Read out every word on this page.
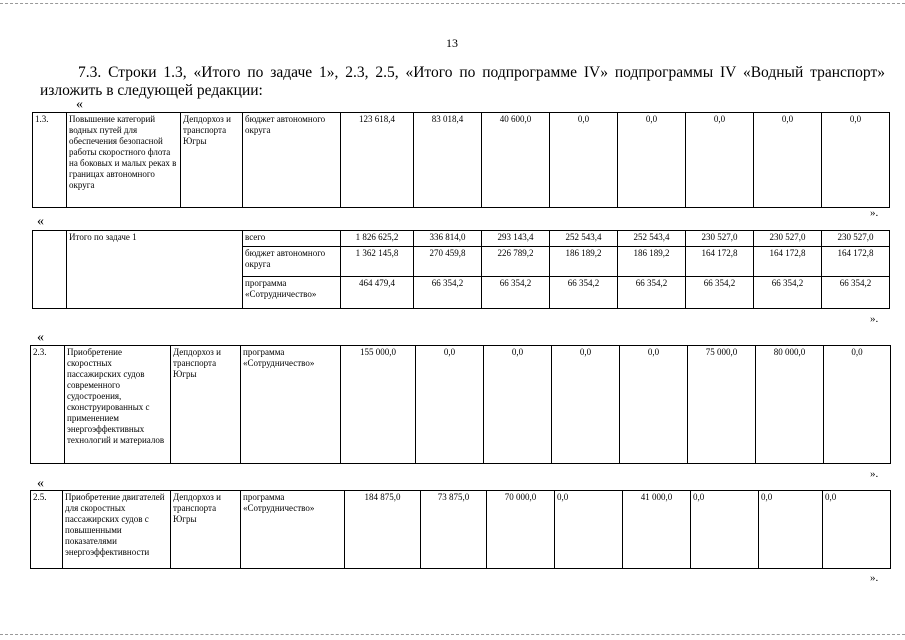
13
7.3. Строки 1.3, «Итого по задаче 1», 2.3, 2.5, «Итого по подпрограмме IV» подпрограммы IV «Водный транспорт»
изложить в следующей редакции:
«
1.3.	Повышение категорий водных путей для обеспечения безопасной работы скоростного флота на боковых и малых реках в границах автономного округа	Депдорхоз и транспорта Югры	бюджет автономного округа	123 618,4	83 018,4	40 600,0	0,0	0,0	0,0	0,0	0,0
».
«
	Итого по задаче 1	всего	1 826 625,2	336 814,0	293 143,4	252 543,4	252 543,4	230 527,0	230 527,0	230 527,0
		бюджет автономного округа	1 362 145,8	270 459,8	226 789,2	186 189,2	186 189,2	164 172,8	164 172,8	164 172,8
		программа «Сотрудничество»	464 479,4	66 354,2	66 354,2	66 354,2	66 354,2	66 354,2	66 354,2	66 354,2
».
«
2.3.	Приобретение скоростных пассажирских судов современного судостроения, сконструированных с применением энергоэффективных технологий и материалов	Депдорхоз и транспорта Югры	программа «Сотрудничество»	155 000,0	0,0	0,0	0,0	0,0	75 000,0	80 000,0	0,0
».
«
2.5.	Приобретение двигателей для скоростных пассажирских судов с повышенными показателями энергоэффективности	Депдорхоз и транспорта Югры	программа «Сотрудничество»	184 875,0	73 875,0	70 000,0	0,0	41 000,0	0,0	0,0	0,0
».
